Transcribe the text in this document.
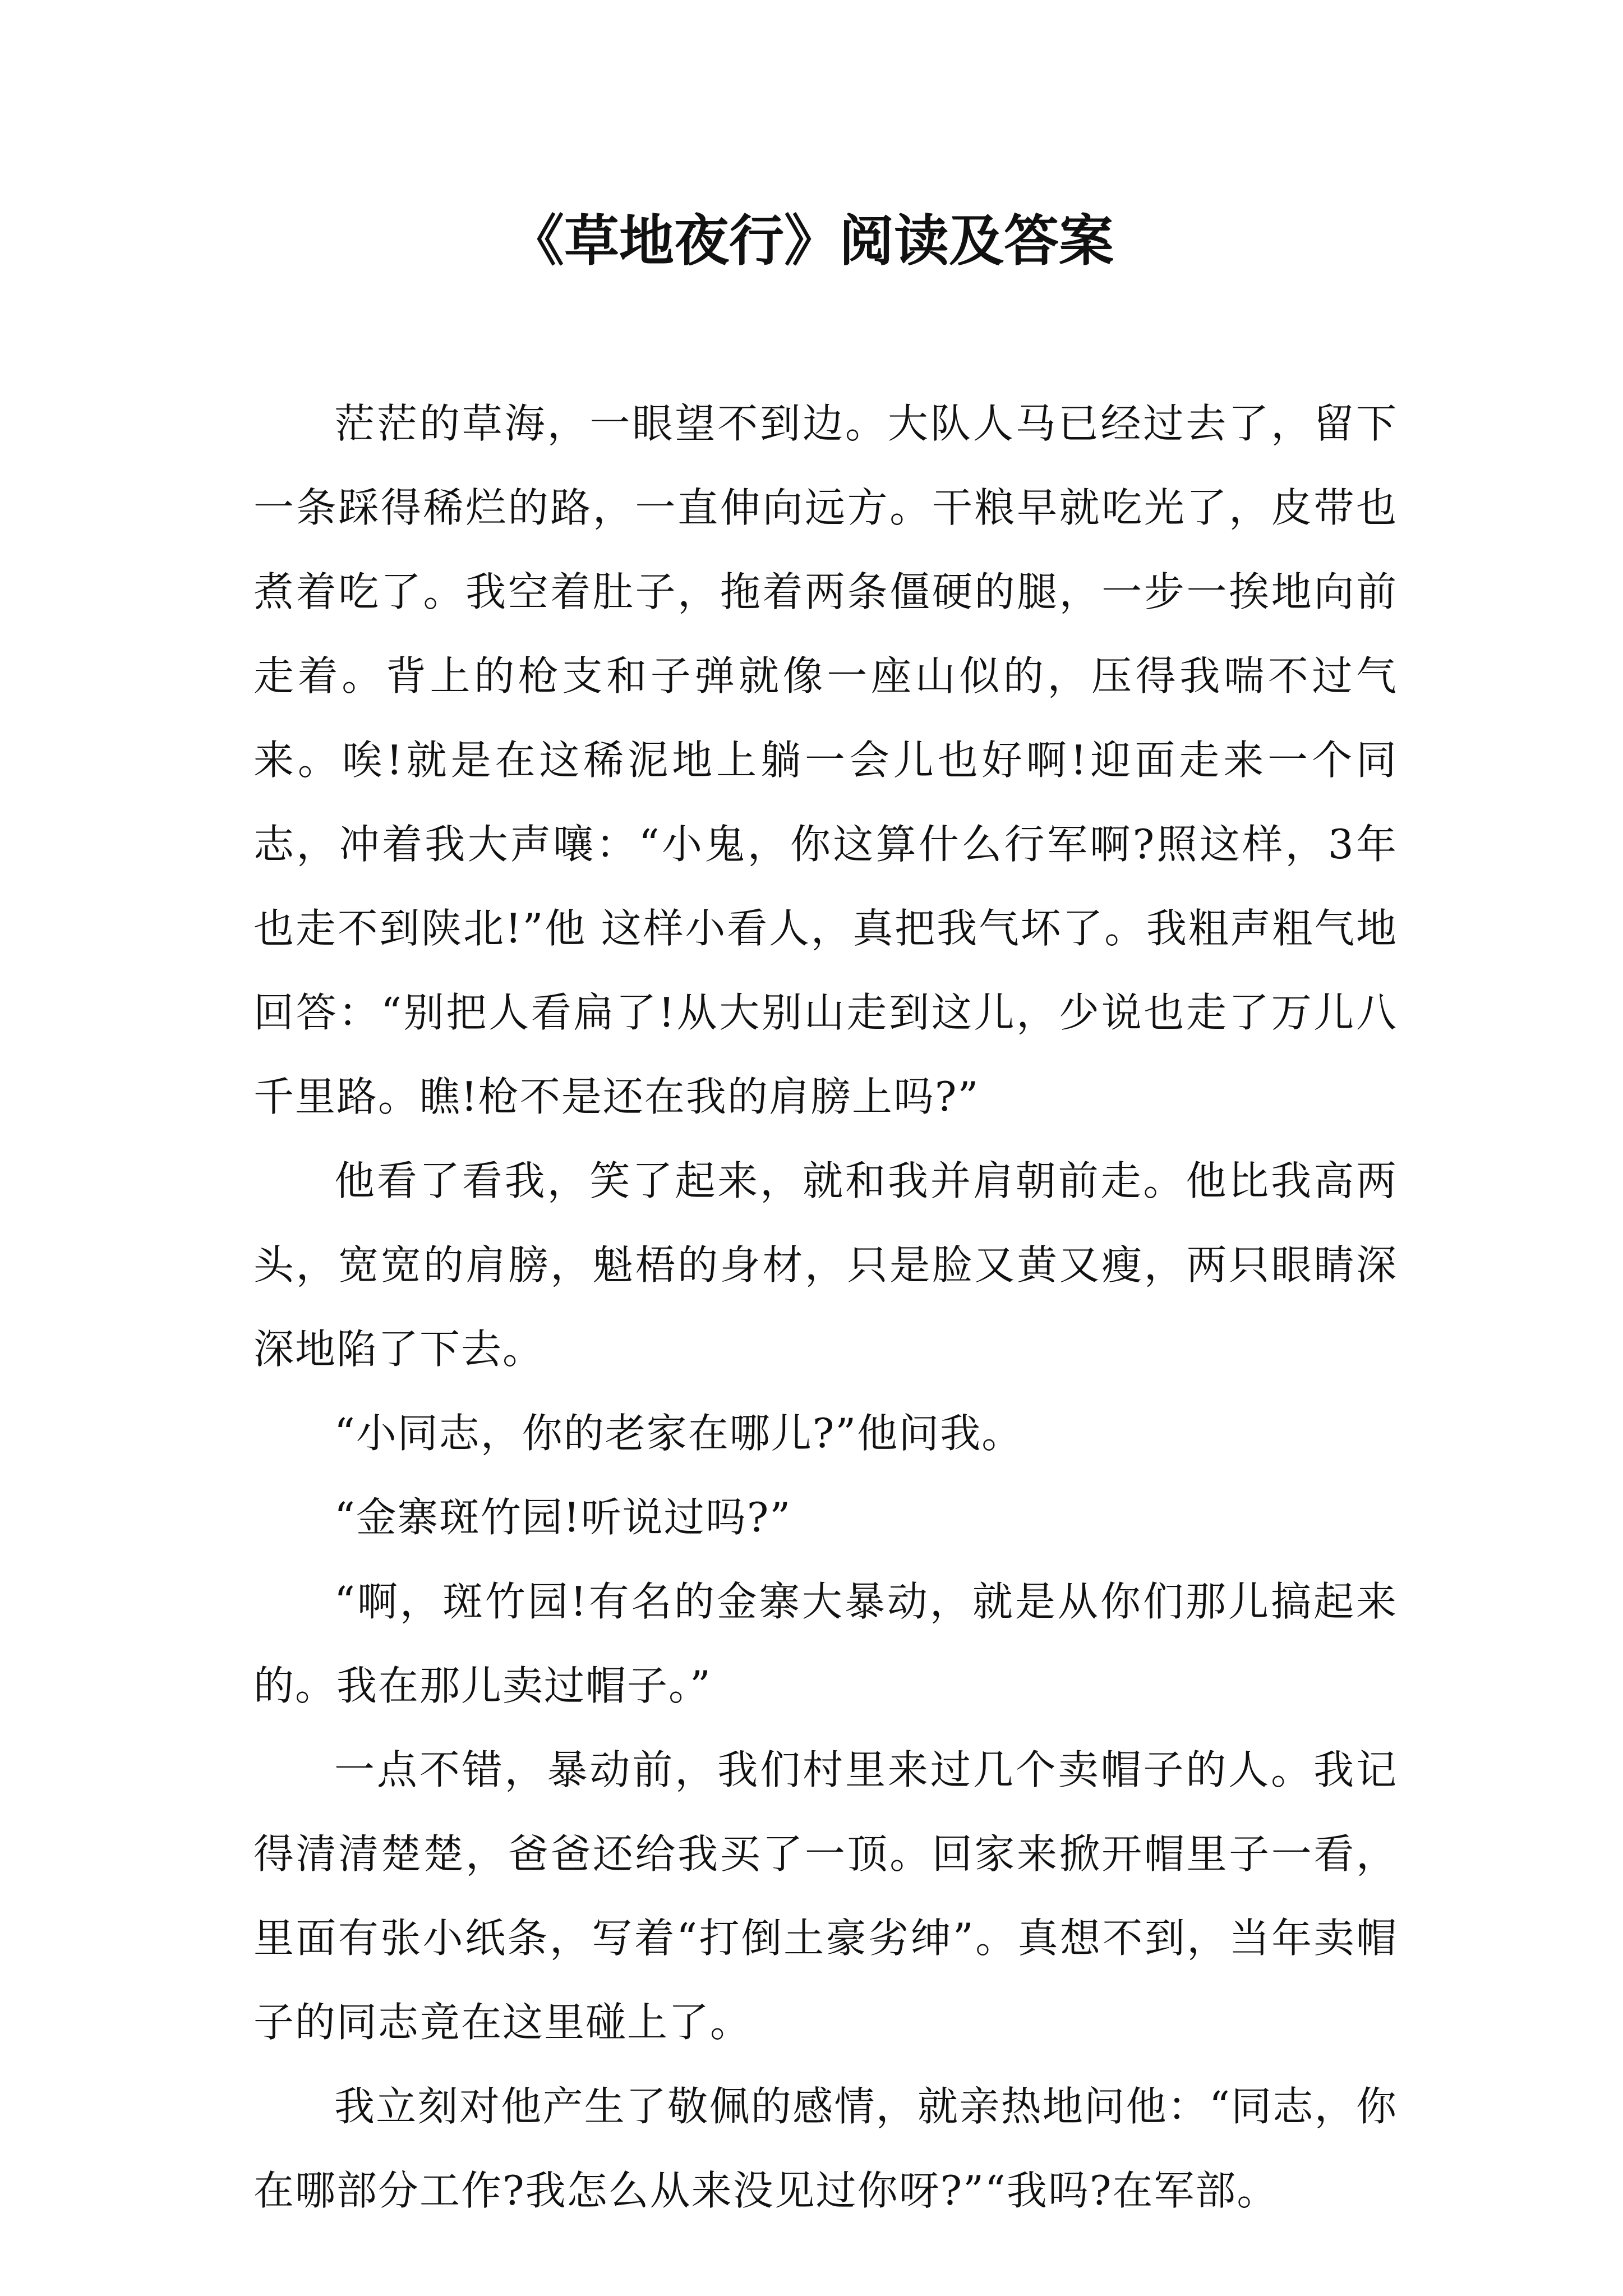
《草地夜行》阅读及答案

茫茫的草海，一眼望不到边。大队人马已经过去了，留下一条踩得稀烂的路，一直伸向远方。干粮早就吃光了，皮带也煮着吃了。我空着肚子，拖着两条僵硬的腿，一步一挨地向前走着。背上的枪支和子弹就像一座山似的，压得我喘不过气来。唉!就是在这稀泥地上躺一会儿也好啊!迎面走来一个同志，冲着我大声嚷：“小鬼，你这算什么行军啊?照这样，3年也走不到陕北!”他 这样小看人，真把我气坏了。我粗声粗气地回答：“别把人看扁了!从大别山走到这儿，少说也走了万儿八千里路。瞧!枪不是还在我的肩膀上吗?”

他看了看我，笑了起来，就和我并肩朝前走。他比我高两头，宽宽的肩膀，魁梧的身材，只是脸又黄又瘦，两只眼睛深深地陷了下去。

“小同志，你的老家在哪儿?”他问我。

“金寨斑竹园!听说过吗?”

“啊，斑竹园!有名的金寨大暴动，就是从你们那儿搞起来的。我在那儿卖过帽子。”

一点不错，暴动前，我们村里来过几个卖帽子的人。我记得清清楚楚，爸爸还给我买了一顶。回家来掀开帽里子一看，里面有张小纸条，写着“打倒土豪劣绅”。真想不到，当年卖帽子的同志竟在这里碰上了。

我立刻对他产生了敬佩的感情，就亲热地问他：“同志，你在哪部分工作?我怎么从来没见过你呀?”“我吗?在军部。
